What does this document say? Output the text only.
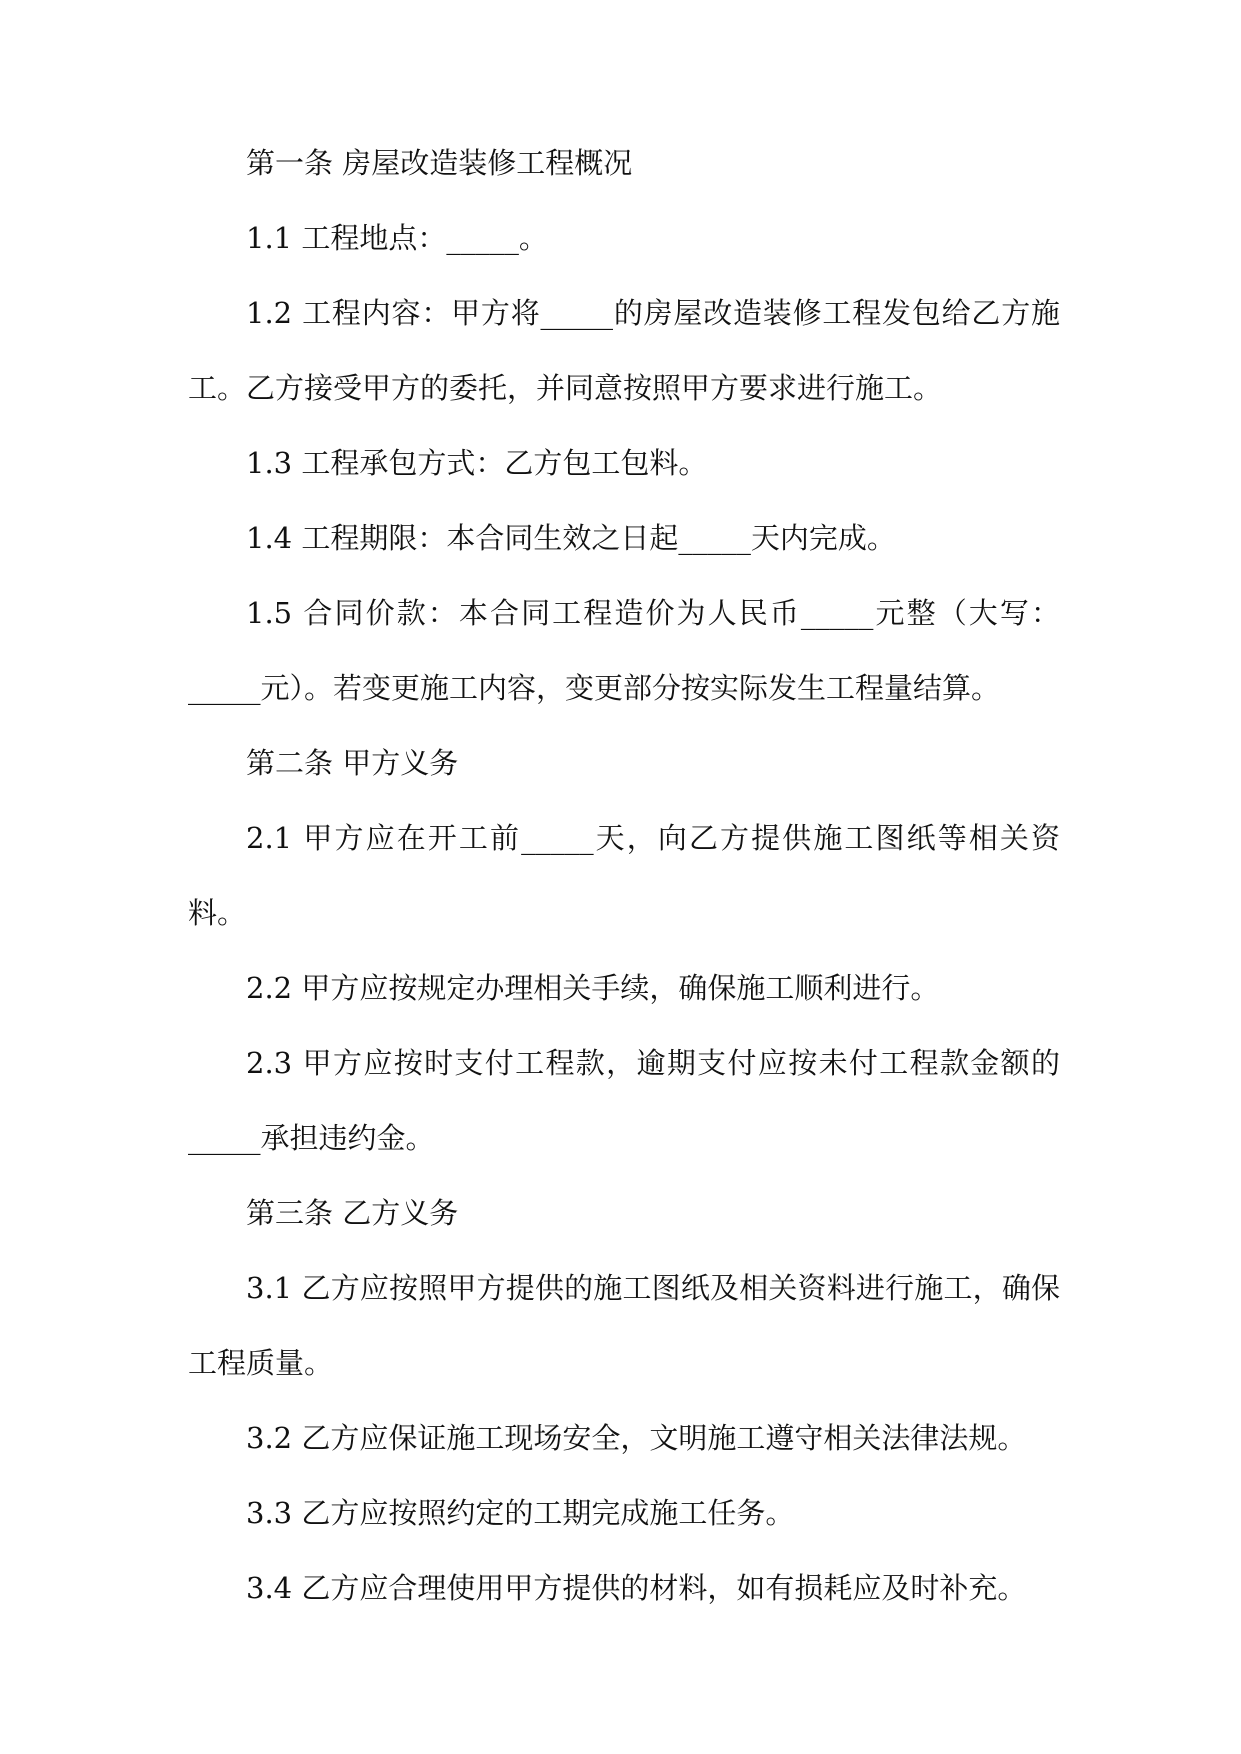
第一条 房屋改造装修工程概况

1.1 工程地点：_____。

1.2 工程内容：甲方将_____的房屋改造装修工程发包给乙方施工。乙方接受甲方的委托，并同意按照甲方要求进行施工。

1.3 工程承包方式：乙方包工包料。

1.4 工程期限：本合同生效之日起_____天内完成。

1.5 合同价款：本合同工程造价为人民币_____元整（大写：_____元）。若变更施工内容，变更部分按实际发生工程量结算。

第二条 甲方义务

2.1 甲方应在开工前_____天，向乙方提供施工图纸等相关资料。

2.2 甲方应按规定办理相关手续，确保施工顺利进行。

2.3 甲方应按时支付工程款，逾期支付应按未付工程款金额的_____承担违约金。

第三条 乙方义务

3.1 乙方应按照甲方提供的施工图纸及相关资料进行施工，确保工程质量。

3.2 乙方应保证施工现场安全，文明施工遵守相关法律法规。

3.3 乙方应按照约定的工期完成施工任务。

3.4 乙方应合理使用甲方提供的材料，如有损耗应及时补充。
